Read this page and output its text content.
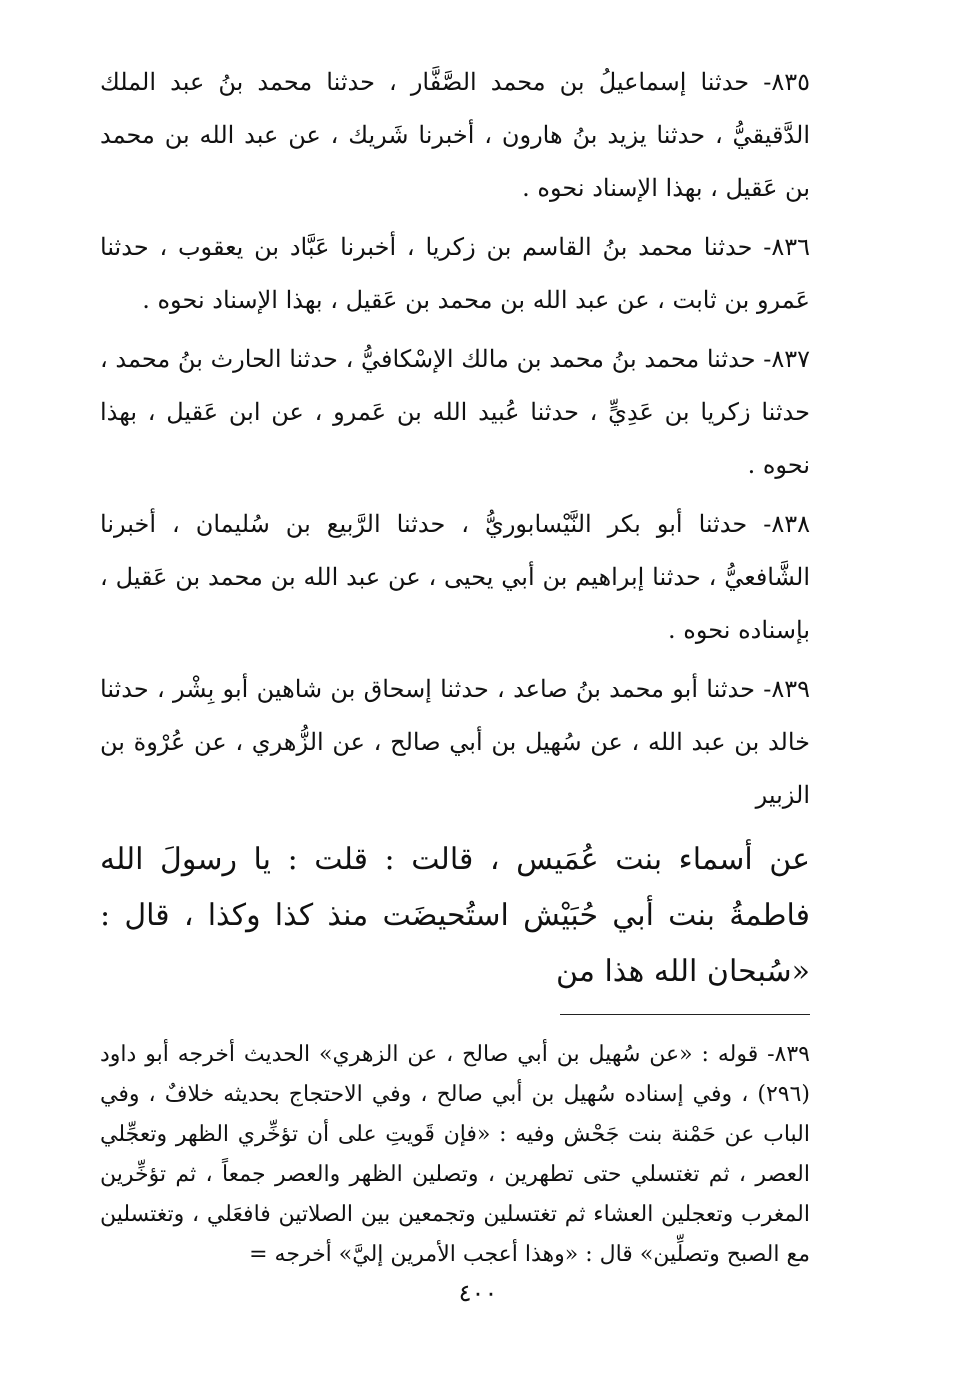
٨٣٥- حدثنا إسماعيلُ بن محمد الصَّفَّار ، حدثنا محمد بنُ عبد الملك الدَّقيقيُّ ، حدثنا يزيد بنُ هارون ، أخبرنا شَريك ، عن عبد الله بن محمد بن عَقيل ، بهذا الإسناد نحوه .

٨٣٦- حدثنا محمد بنُ القاسم بن زكريا ، أخبرنا عَبَّاد بن يعقوب ، حدثنا عَمرو بن ثابت ، عن عبد الله بن محمد بن عَقيل ، بهذا الإسناد نحوه .

٨٣٧- حدثنا محمد بنُ محمد بن مالك الإسْكافيُّ ، حدثنا الحارث بنُ محمد ، حدثنا زكريا بن عَدِيٍّ ، حدثنا عُبيد الله بن عَمرو ، عن ابن عَقيل ، بهذا نحوه .

٨٣٨- حدثنا أبو بكر النَّيْسابوريُّ ، حدثنا الرَّبيع بن سُليمان ، أخبرنا الشَّافعيُّ ، حدثنا إبراهيم بن أبي يحيى ، عن عبد الله بن محمد بن عَقيل ، بإسناده نحوه .

٨٣٩- حدثنا أبو محمد بنُ صاعد ، حدثنا إسحاق بن شاهين أبو بِشْر ، حدثنا خالد بن عبد الله ، عن سُهيل بن أبي صالح ، عن الزُّهري ، عن عُرْوة بن الزبير

عن أسماء بنت عُمَيس ، قالت : قلت : يا رسولَ الله فاطمةُ بنت أبي حُبَيْش استُحيضَت منذ كذا وكذا ، قال : «سُبحان الله هذا من

٨٣٩- قوله : «عن سُهيل بن أبي صالح ، عن الزهري» الحديث أخرجه أبو داود (٢٩٦) ، وفي إسناده سُهيل بن أبي صالح ، وفي الاحتجاج بحديثه خلافٌ ، وفي الباب عن حَمْنة بنت جَحْش وفيه : «فإن قَويتِ على أن تؤخِّري الظهر وتعجِّلي العصر ، ثم تغتسلي حتى تطهرين ، وتصلين الظهر والعصر جمعاً ، ثم تؤخِّرين المغرب وتعجلين العشاء ثم تغتسلين وتجمعين بين الصلاتين فافعَلي ، وتغتسلين مع الصبح وتصلِّين» قال : «وهذا أعجب الأمرين إليَّ» أخرجه =

٤٠٠
